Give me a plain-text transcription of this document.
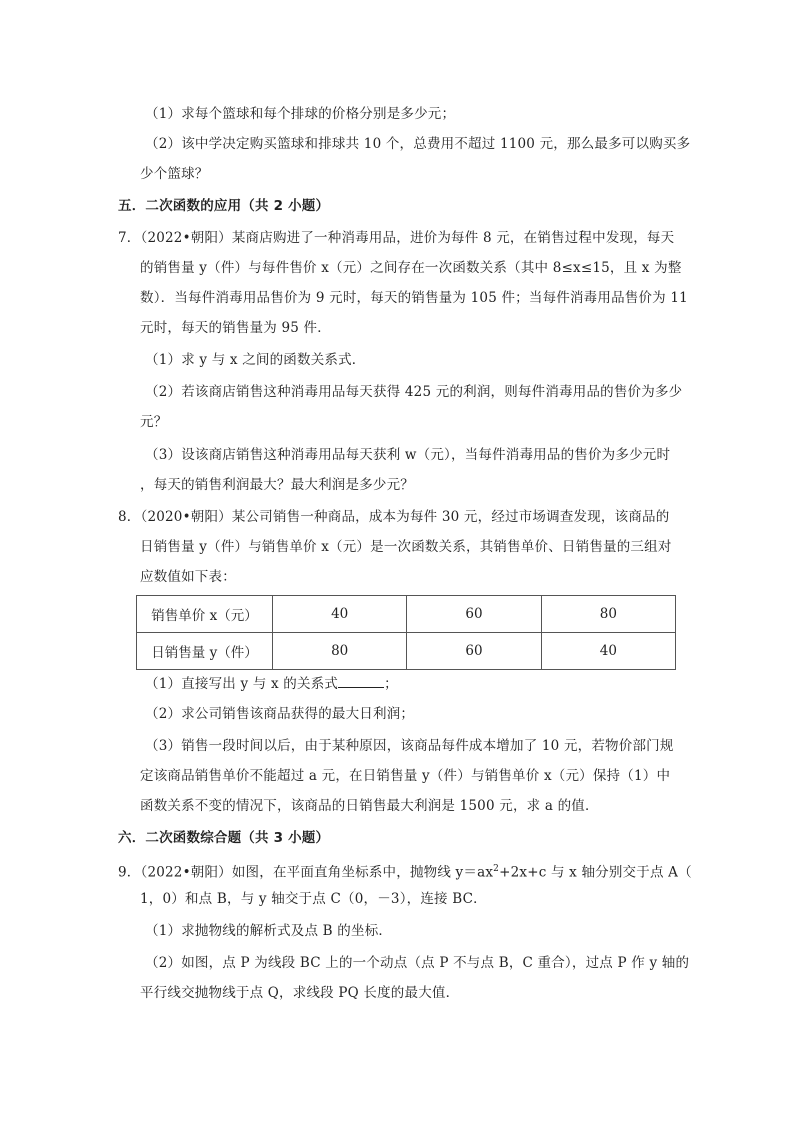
（1）求每个篮球和每个排球的价格分别是多少元；
（2）该中学决定购买篮球和排球共 10 个，总费用不超过 1100 元，那么最多可以购买多
少个篮球？
五．二次函数的应用（共 2 小题）
7．（2022•朝阳）某商店购进了一种消毒用品，进价为每件 8 元，在销售过程中发现，每天
的销售量 y（件）与每件售价 x（元）之间存在一次函数关系（其中 8≤x≤15，且 x 为整
数）．当每件消毒用品售价为 9 元时，每天的销售量为 105 件；当每件消毒用品售价为 11
元时，每天的销售量为 95 件．
（1）求 y 与 x 之间的函数关系式．
（2）若该商店销售这种消毒用品每天获得 425 元的利润，则每件消毒用品的售价为多少
元？
（3）设该商店销售这种消毒用品每天获利 w（元），当每件消毒用品的售价为多少元时
，每天的销售利润最大？最大利润是多少元？
8．（2020•朝阳）某公司销售一种商品，成本为每件 30 元，经过市场调查发现，该商品的
日销售量 y（件）与销售单价 x（元）是一次函数关系，其销售单价、日销售量的三组对
应数值如下表：
销售单价 x（元）	40	60	80
日销售量 y（件）	80	60	40
（1）直接写出 y 与 x 的关系式	；
（2）求公司销售该商品获得的最大日利润；
（3）销售一段时间以后，由于某种原因，该商品每件成本增加了 10 元，若物价部门规
定该商品销售单价不能超过 a 元，在日销售量 y（件）与销售单价 x（元）保持（1）中
函数关系不变的情况下，该商品的日销售最大利润是 1500 元，求 a 的值．
六．二次函数综合题（共 3 小题）
9．（2022•朝阳）如图，在平面直角坐标系中，抛物线 $y=ax^2+2x+c$ 与 x 轴分别交于点 A（
1，0）和点 B，与 y 轴交于点 C（0，－3），连接 BC．
（1）求抛物线的解析式及点 B 的坐标．
（2）如图，点 P 为线段 BC 上的一个动点（点 P 不与点 B，C 重合），过点 P 作 y 轴的
平行线交抛物线于点 Q，求线段 PQ 长度的最大值．
